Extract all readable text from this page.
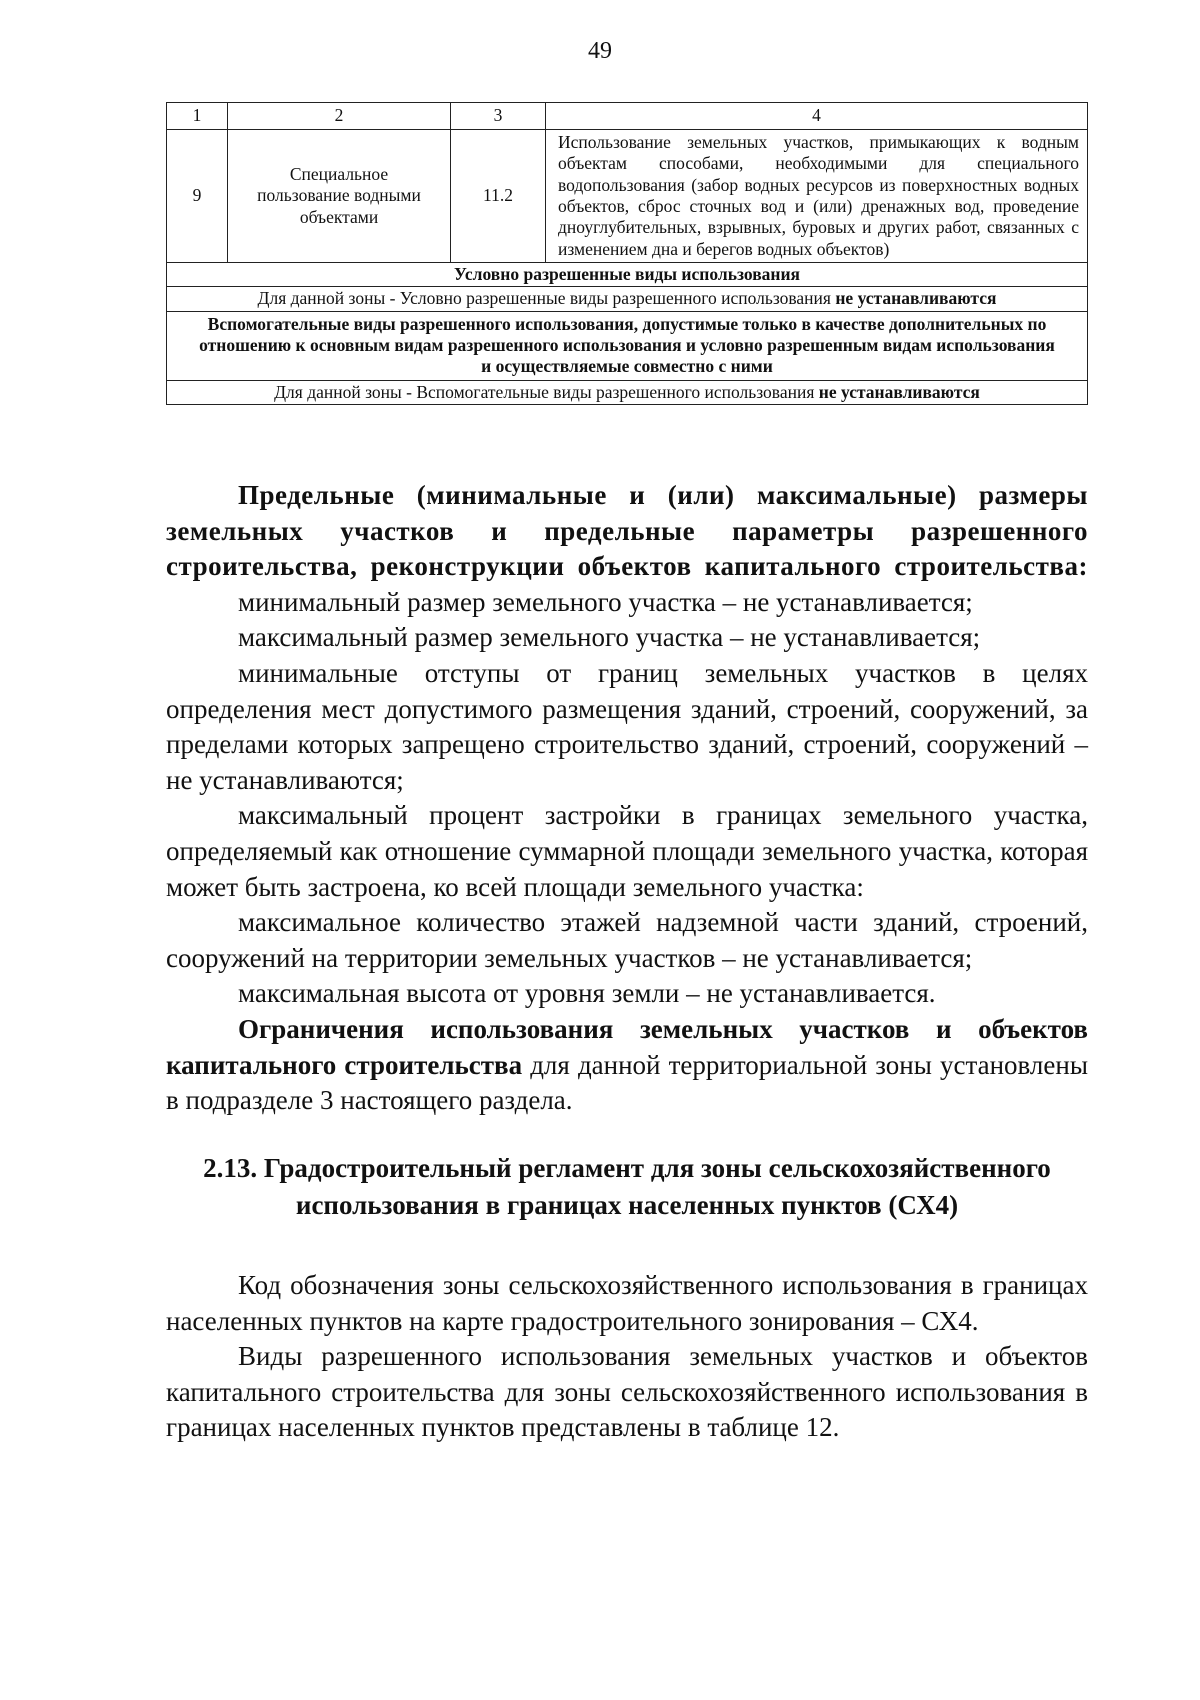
49
1	2	3	4
9	Специальное пользование водными объектами	11.2	Использование земельных участков, примыкающих к водным объектам способами, необходимыми для специального водопользования (забор водных ресурсов из поверхностных водных объектов, сброс сточных вод и (или) дренажных вод, проведение дноуглубительных, взрывных, буровых и других работ, связанных с изменением дна и берегов водных объектов)
Условно разрешенные виды использования			
Для данной зоны - Условно разрешенные виды разрешенного использования не устанавливаются			
Вспомогательные виды разрешенного использования, допустимые только в качестве дополнительных по отношению к основным видам разрешенного использования и условно разрешенным видам использования и осуществляемые совместно с ними			
Для данной зоны - Вспомогательные виды разрешенного использования не устанавливаются			

Предельные (минимальные и (или) максимальные) размеры земельных участков и предельные параметры разрешенного строительства, реконструкции объектов капитального строительства:

минимальный размер земельного участка – не устанавливается;

максимальный размер земельного участка – не устанавливается;

минимальные отступы от границ земельных участков в целях определения мест допустимого размещения зданий, строений, сооружений, за пределами которых запрещено строительство зданий, строений, сооружений – не устанавливаются;

максимальный процент застройки в границах земельного участка, определяемый как отношение суммарной площади земельного участка, которая может быть застроена, ко всей площади земельного участка:

максимальное количество этажей надземной части зданий, строений, сооружений на территории земельных участков – не устанавливается;

максимальная высота от уровня земли – не устанавливается.

Ограничения использования земельных участков и объектов капитального строительства для данной территориальной зоны установлены в подразделе 3 настоящего раздела.

2.13. Градостроительный регламент для зоны сельскохозяйственного
использования в границах населенных пунктов (СХ4)

Код обозначения зоны сельскохозяйственного использования в границах населенных пунктов на карте градостроительного зонирования – СХ4.

Виды разрешенного использования земельных участков и объектов капитального строительства для зоны сельскохозяйственного использования в границах населенных пунктов представлены в таблице 12.
